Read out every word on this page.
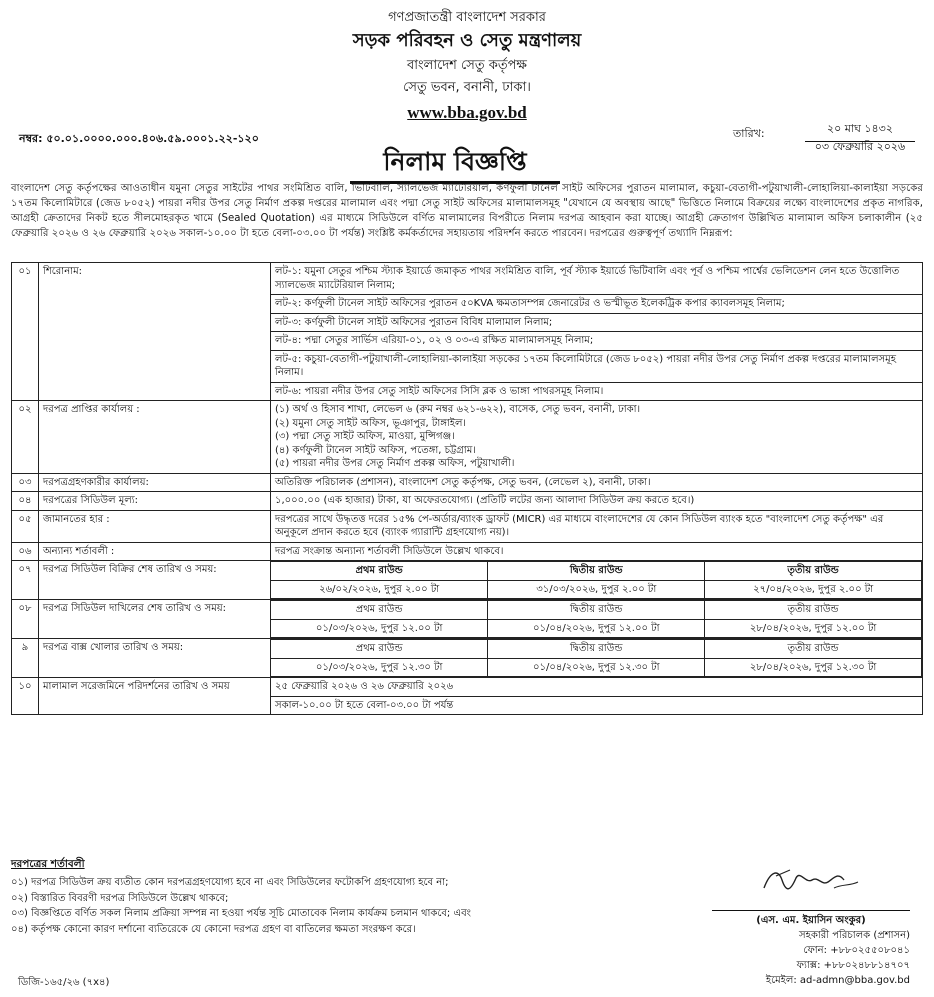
গণপ্রজাতন্ত্রী বাংলাদেশ সরকার
সড়ক পরিবহন ও সেতু মন্ত্রণালয়
বাংলাদেশ সেতু কর্তৃপক্ষ
সেতু ভবন, বনানী, ঢাকা।
www.bba.gov.bd
নম্বর: ৫০.০১.০০০০.০০০.৪০৬.৫৯.০০০১.২২-১২০	তারিখ:	২০ মাঘ ১৪৩২
০৩ ফেব্রুয়ারি ২০২৬
নিলাম বিজ্ঞপ্তি
বাংলাদেশ সেতু কর্তৃপক্ষের আওতাধীন যমুনা সেতুর সাইটের পাথর সংমিশ্রিত বালি, ভিটিবালি, স্যালভেজ ম্যাটেরিয়াল, কর্ণফুলী টানেল সাইট অফিসের পুরাতন মালামাল, কচুয়া-বেতাগী-পটুয়াখালী-লোহালিয়া-কালাইয়া সড়কের ১৭তম কিলোমিটারে (জেড ৮০৫২) পায়রা নদীর উপর সেতু নির্মাণ প্রকল্প দপ্তরের মালামাল এবং পদ্মা সেতু সাইট অফিসের মালামালসমূহ "যেখানে যে অবস্থায় আছে" ভিত্তিতে নিলামে বিক্রয়ের লক্ষ্যে বাংলাদেশের প্রকৃত নাগরিক, আগ্রহী ক্রেতাদের নিকট হতে সীলমোহরকৃত খামে (Sealed Quotation) এর মাধ্যমে সিডিউলে বর্ণিত মালামালের বিপরীতে নিলাম দরপত্র আহবান করা যাচ্ছে। আগ্রহী ক্রেতাগণ উল্লিখিত মালামাল অফিস চলাকালীন (২৫ ফেব্রুয়ারি ২০২৬ ও ২৬ ফেব্রুয়ারি ২০২৬ সকাল-১০.০০ টা হতে বেলা-০৩.০০ টা পর্যন্ত) সংশ্লিষ্ট কর্মকর্তাদের সহায়তায় পরিদর্শন করতে পারবেন। দরপত্রের গুরুত্বপূর্ণ তথ্যাদি নিম্নরূপ:
০১	শিরোনাম:	লট-১: যমুনা সেতুর পশ্চিম স্ট্যাক ইয়ার্ডে জমাকৃত পাথর সংমিশ্রিত বালি, পূর্ব স্ট্যাক ইয়ার্ডে ভিটিবালি এবং পূর্ব ও পশ্চিম পার্শ্বের ভেলিডেশন লেন হতে উত্তোলিত স্যালভেজ ম্যাটেরিয়াল নিলাম;
লট-২: কর্ণফুলী টানেল সাইট অফিসের পুরাতন ৫০KVA ক্ষমতাসম্পন্ন জেনারেটর ও ভস্মীভূত ইলেকট্রিক কপার ক্যাবলসমূহ নিলাম;
লট-৩: কর্ণফুলী টানেল সাইট অফিসের পুরাতন বিবিধ মালামাল নিলাম;
লট-৪: পদ্মা সেতুর সার্ভিস এরিয়া-০১, ০২ ও ০৩-এ রক্ষিত মালামালসমূহ নিলাম;
লট-৫: কচুয়া-বেতাগী-পটুয়াখালী-লোহালিয়া-কালাইয়া সড়কের ১৭তম কিলোমিটারে (জেড ৮০৫২) পায়রা নদীর উপর সেতু নির্মাণ প্রকল্প দপ্তরের মালামালসমূহ নিলাম।
লট-৬: পায়রা নদীর উপর সেতু সাইট অফিসের সিসি ব্লক ও ভাঙ্গা পাথরসমূহ নিলাম।

০২	দরপত্র প্রাপ্তির কার্যালয় :	(১) অর্থ ও হিসাব শাখা, লেভেল ৬ (রুম নম্বর ৬২১-৬২২), বাসেক, সেতু ভবন, বনানী, ঢাকা।
(২) যমুনা সেতু সাইট অফিস, ভূঞাপুর, টাঙ্গাইল।
(৩) পদ্মা সেতু সাইট অফিস, মাওয়া, মুন্সিগঞ্জ।
(৪) কর্ণফুলী টানেল সাইট অফিস, পতেঙ্গা, চট্টগ্রাম।
(৫) পায়রা নদীর উপর সেতু নির্মাণ প্রকল্প অফিস, পটুয়াখালী।

০৩	দরপত্রগ্রহণকারীর কার্যালয়:	অতিরিক্ত পরিচালক (প্রশাসন), বাংলাদেশ সেতু কর্তৃপক্ষ, সেতু ভবন, (লেভেল ২), বনানী, ঢাকা।
০৪	দরপত্রের সিডিউল মূল্য:	১,০০০.০০ (এক হাজার) টাকা, যা অফেরতযোগ্য। (প্রতিটি লটের জন্য আলাদা সিডিউল ক্রয় করতে হবে।)
০৫	জামানতের হার :	দরপত্রের সাথে উদ্ধৃতত্ত দরের ১৫% পে-অর্ডার/ব্যাংক ড্রাফট (MICR) এর মাধ্যমে বাংলাদেশের যে কোন সিডিউল ব্যাংক হতে "বাংলাদেশ সেতু কর্তৃপক্ষ" এর অনুকূলে প্রদান করতে হবে (ব্যাংক গ্যারান্টি গ্রহণযোগ্য নয়)।
০৬	অন্যান্য শর্তাবলী :	দরপত্র সংক্রান্ত অন্যান্য শর্তাবলী সিডিউলে উল্লেখ থাকবে।
০৭	দরপত্র সিডিউল বিক্রির শেষ তারিখ ও সময়:		প্রথম রাউন্ড	দ্বিতীয় রাউন্ড	তৃতীয় রাউন্ড
২৬/০২/২০২৬, দুপুর ২.০০ টা	৩১/০৩/২০২৬, দুপুর ২.০০ টা	২৭/০৪/২০২৬, দুপুর ২.০০ টা

০৮	দরপত্র সিডিউল দাখিলের শেষ তারিখ ও সময়:		প্রথম রাউন্ড	দ্বিতীয় রাউন্ড	তৃতীয় রাউন্ড
০১/০৩/২০২৬, দুপুর ১২.০০ টা	০১/০৪/২০২৬, দুপুর ১২.০০ টা	২৮/০৪/২০২৬, দুপুর ১২.০০ টা

৯	দরপত্র বাক্স খোলার তারিখ ও সময়:		প্রথম রাউন্ড	দ্বিতীয় রাউন্ড	তৃতীয় রাউন্ড
০১/০৩/২০২৬, দুপুর ১২.৩০ টা	০১/০৪/২০২৬, দুপুর ১২.৩০ টা	২৮/০৪/২০২৬, দুপুর ১২.৩০ টা

১০	মালামাল সরেজমিনে পরিদর্শনের তারিখ ও সময়	২৫ ফেব্রুয়ারি ২০২৬ ও ২৬ ফেব্রুয়ারি ২০২৬
সকাল-১০.০০ টা হতে বেলা-০৩.০০ টা পর্যন্ত
দরপত্রের শর্তাবলী
০১) দরপত্র সিডিউল ক্রয় ব্যতীত কোন দরপত্রগ্রহণযোগ্য হবে না এবং সিডিউলের ফটোকপি গ্রহণযোগ্য হবে না;
০২) বিস্তারিত বিবরণী দরপত্র সিডিউলে উল্লেখ থাকবে;
০৩) বিজ্ঞপ্তিতে বর্ণিত সকল নিলাম প্রক্রিয়া সম্পন্ন না হওয়া পর্যন্ত সূচি মোতাবেক নিলাম কার্যক্রম চলমান থাকবে; এবং
০৪) কর্তৃপক্ষ কোনো কারণ দর্শানো ব্যতিরেকে যে কোনো দরপত্র গ্রহণ বা বাতিলের ক্ষমতা সংরক্ষণ করে।
(এস. এম. ইয়াসিন অংকুর)
সহকারী পরিচালক (প্রশাসন)
ফোন: +৮৮০২৫৫০৮০৪১
ফ্যাক্স: +৮৮০২৪৮৮১৪৭০৭
ইমেইল: ad-admn@bba.gov.bd
ডিজি-১৬৫/২৬ (৭x৪)
